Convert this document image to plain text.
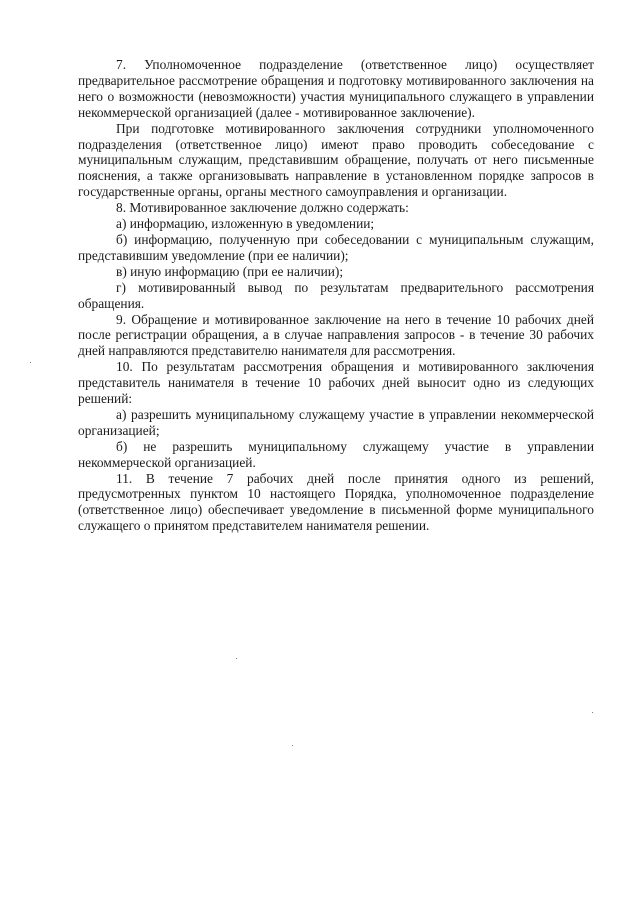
7. Уполномоченное подразделение (ответственное лицо) осуществляет предварительное рассмотрение обращения и подготовку мотивированного заключения на него о возможности (невозможности) участия муниципального служащего в управлении некоммерческой организацией (далее - мотивированное заключение).

При подготовке мотивированного заключения сотрудники уполномоченного подразделения (ответственное лицо) имеют право проводить собеседование с муниципальным служащим, представившим обращение, получать от него письменные пояснения, а также организовывать направление в установленном порядке запросов в государственные органы, органы местного самоуправления и организации.

8. Мотивированное заключение должно содержать:

а) информацию, изложенную в уведомлении;

б) информацию, полученную при собеседовании с муниципальным служащим, представившим уведомление (при ее наличии);

в) иную информацию (при ее наличии);

г) мотивированный вывод по результатам предварительного рассмотрения обращения.

9. Обращение и мотивированное заключение на него в течение 10 рабочих дней после регистрации обращения, а в случае направления запросов - в течение 30 рабочих дней направляются представителю нанимателя для рассмотрения.

10. По результатам рассмотрения обращения и мотивированного заключения представитель нанимателя в течение 10 рабочих дней выносит одно из следующих решений:

а) разрешить муниципальному служащему участие в управлении некоммерческой организацией;

б) не разрешить муниципальному служащему участие в управлении некоммерческой организацией.

11. В течение 7 рабочих дней после принятия одного из решений, предусмотренных пунктом 10 настоящего Порядка, уполномоченное подразделение (ответственное лицо) обеспечивает уведомление в письменной форме муниципального служащего о принятом представителем нанимателя решении.
